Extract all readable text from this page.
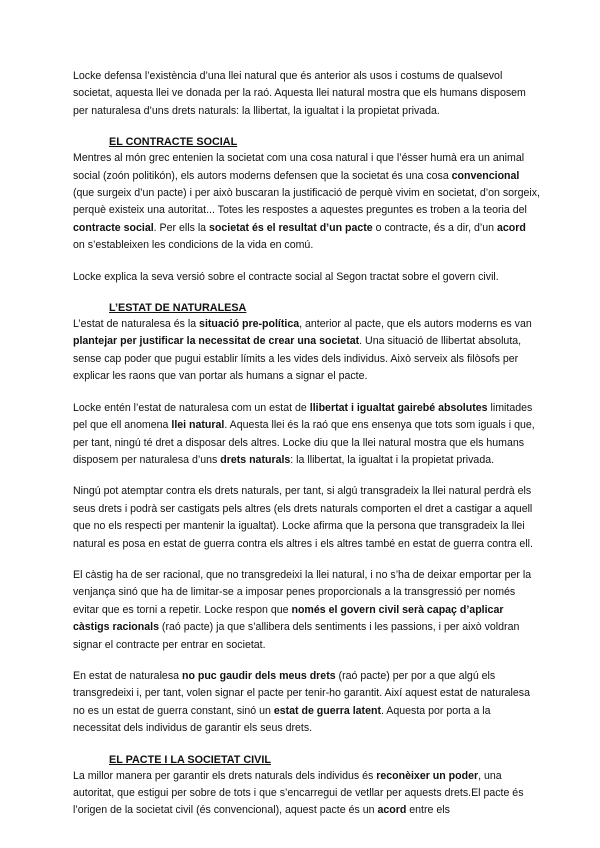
Locke defensa l’existència d’una llei natural que és anterior als usos i costums de qualsevol societat, aquesta llei ve donada per la raó. Aquesta llei natural mostra que els humans disposem per naturalesa d’uns drets naturals: la llibertat, la igualtat i la propietat privada.

EL CONTRACTE SOCIAL

Mentres al món grec entenien la societat com una cosa natural i que l’ésser humà era un animal social (zoón politikón), els autors moderns defensen que la societat és una cosa convencional (que surgeix d’un pacte) i per això buscaran la justificació de perquè vivim en societat, d’on sorgeix, perquè existeix una autoritat... Totes les respostes a aquestes preguntes es troben a la teoria del contracte social. Per ells la societat és el resultat d’un pacte o contracte, és a dir, d’un acord on s’estableixen les condicions de la vida en comú.

Locke explica la seva versió sobre el contracte social al Segon tractat sobre el govern civil.

L’ESTAT DE NATURALESA

L’estat de naturalesa és la situació pre-política, anterior al pacte, que els autors moderns es van plantejar per justificar la necessitat de crear una societat. Una situació de llibertat absoluta, sense cap poder que pugui establir límits a les vides dels individus. Això serveix als filòsofs per explicar les raons que van portar als humans a signar el pacte.

Locke entén l’estat de naturalesa com un estat de llibertat i igualtat gairebé absolutes limitades pel que ell anomena llei natural. Aquesta llei és la raó que ens ensenya que tots som iguals i que, per tant, ningú té dret a disposar dels altres. Locke diu que la llei natural mostra que els humans disposem per naturalesa d’uns drets naturals: la llibertat, la igualtat i la propietat privada.

Ningú pot atemptar contra els drets naturals, per tant, si algú transgradeix la llei natural perdrà els seus drets i podrà ser castigats pels altres (els drets naturals comporten el dret a castigar a aquell que no els respecti per mantenir la igualtat). Locke afirma que la persona que transgradeix la llei natural es posa en estat de guerra contra els altres i els altres també en estat de guerra contra ell.

El càstig ha de ser racional, que no transgredeixi la llei natural, i no s’ha de deixar emportar per la venjança sinó que ha de limitar-se a imposar penes proporcionals a la transgressió per només evitar que es torni a repetir. Locke respon que només el govern civil serà capaç d’aplicar càstigs racionals (raó pacte) ja que s’allibera dels sentiments i les passions, i per això voldran signar el contracte per entrar en societat.

En estat de naturalesa no puc gaudir dels meus drets (raó pacte) per por a que algú els transgredeixi i, per tant, volen signar el pacte per tenir-ho garantit. Així aquest estat de naturalesa no es un estat de guerra constant, sinó un estat de guerra latent. Aquesta por porta a la necessitat dels individus de garantir els seus drets.

EL PACTE I LA SOCIETAT CIVIL

La millor manera per garantir els drets naturals dels individus és reconèixer un poder, una autoritat, que estigui per sobre de tots i que s’encarregui de vetllar per aquests drets.El pacte és l’origen de la societat civil (és convencional), aquest pacte és un acord entre els
